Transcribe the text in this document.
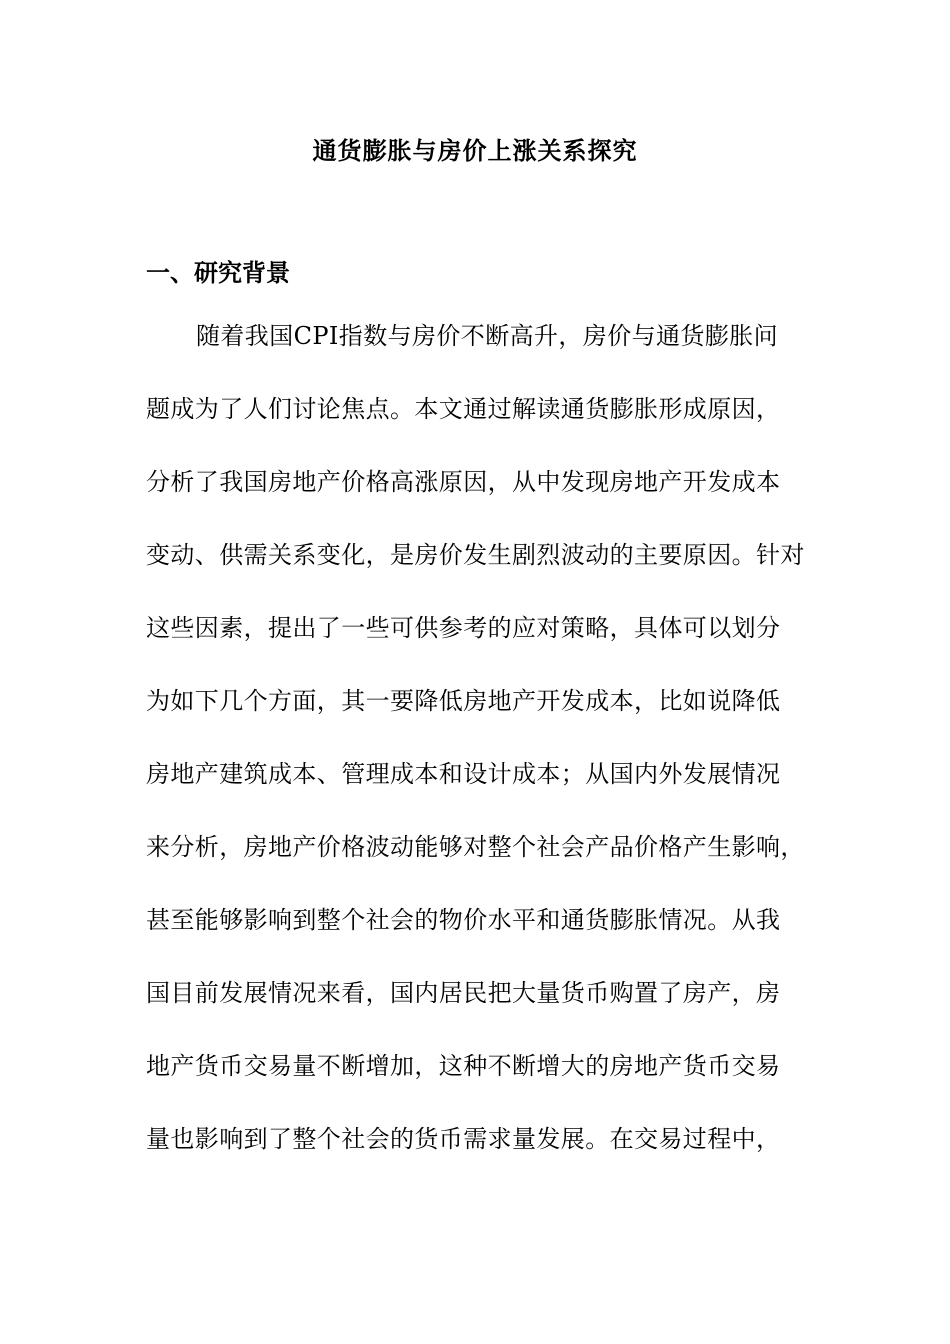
通货膨胀与房价上涨关系探究
一、研究背景
随着我国CPI指数与房价不断高升，房价与通货膨胀问
题成为了人们讨论焦点。本文通过解读通货膨胀形成原因，
分析了我国房地产价格高涨原因，从中发现房地产开发成本
变动、供需关系变化，是房价发生剧烈波动的主要原因。针对
这些因素，提出了一些可供参考的应对策略，具体可以划分
为如下几个方面，其一要降低房地产开发成本，比如说降低
房地产建筑成本、管理成本和设计成本；从国内外发展情况
来分析，房地产价格波动能够对整个社会产品价格产生影响，
甚至能够影响到整个社会的物价水平和通货膨胀情况。从我
国目前发展情况来看，国内居民把大量货币购置了房产，房
地产货币交易量不断增加，这种不断增大的房地产货币交易
量也影响到了整个社会的货币需求量发展。在交易过程中，
